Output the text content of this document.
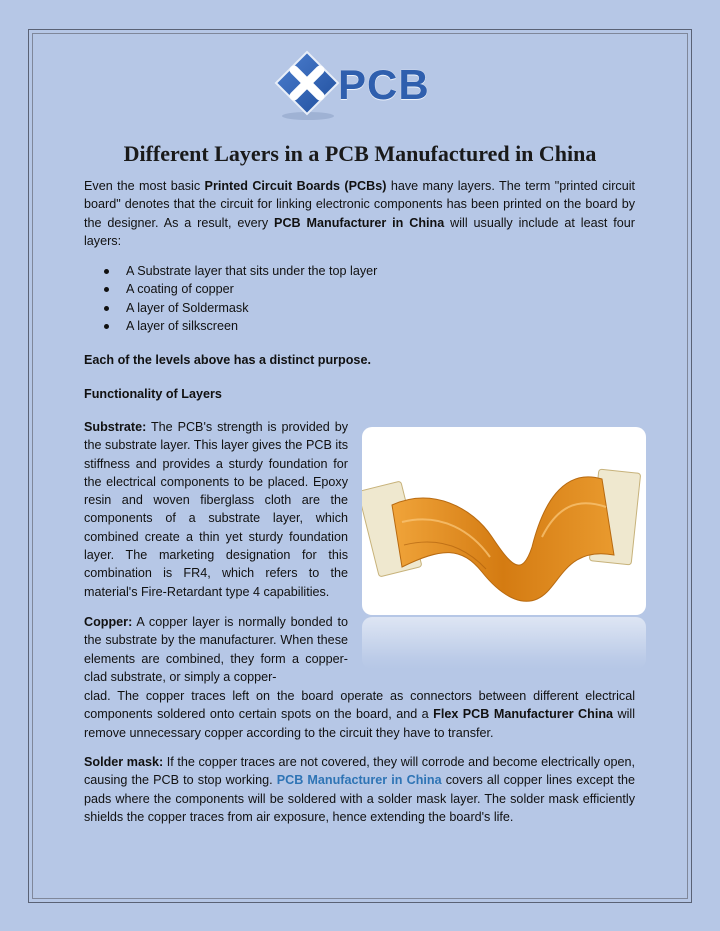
PCB
Different Layers in a PCB Manufactured in China

Even the most basic Printed Circuit Boards (PCBs) have many layers. The term "printed circuit board" denotes that the circuit for linking electronic components has been printed on the board by the designer. As a result, every PCB Manufacturer in China will usually include at least four layers:

A Substrate layer that sits under the top layer
A coating of copper
A layer of Soldermask
A layer of silkscreen

Each of the levels above has a distinct purpose.

Functionality of Layers

Substrate: The PCB's strength is provided by the substrate layer. This layer gives the PCB its stiffness and provides a sturdy foundation for the electrical components to be placed. Epoxy resin and woven fiberglass cloth are the components of a substrate layer, which combined create a thin yet sturdy foundation layer. The marketing designation for this combination is FR4, which refers to the material's Fire-Retardant type 4 capabilities.

Copper: A copper layer is normally bonded to the substrate by the manufacturer. When these elements are combined, they form a copper-clad substrate, or simply a copper-

clad. The copper traces left on the board operate as connectors between different electrical components soldered onto certain spots on the board, and a Flex PCB Manufacturer China will remove unnecessary copper according to the circuit they have to transfer.

Solder mask: If the copper traces are not covered, they will corrode and become electrically open, causing the PCB to stop working. PCB Manufacturer in China covers all copper lines except the pads where the components will be soldered with a solder mask layer. The solder mask efficiently shields the copper traces from air exposure, hence extending the board's life.
